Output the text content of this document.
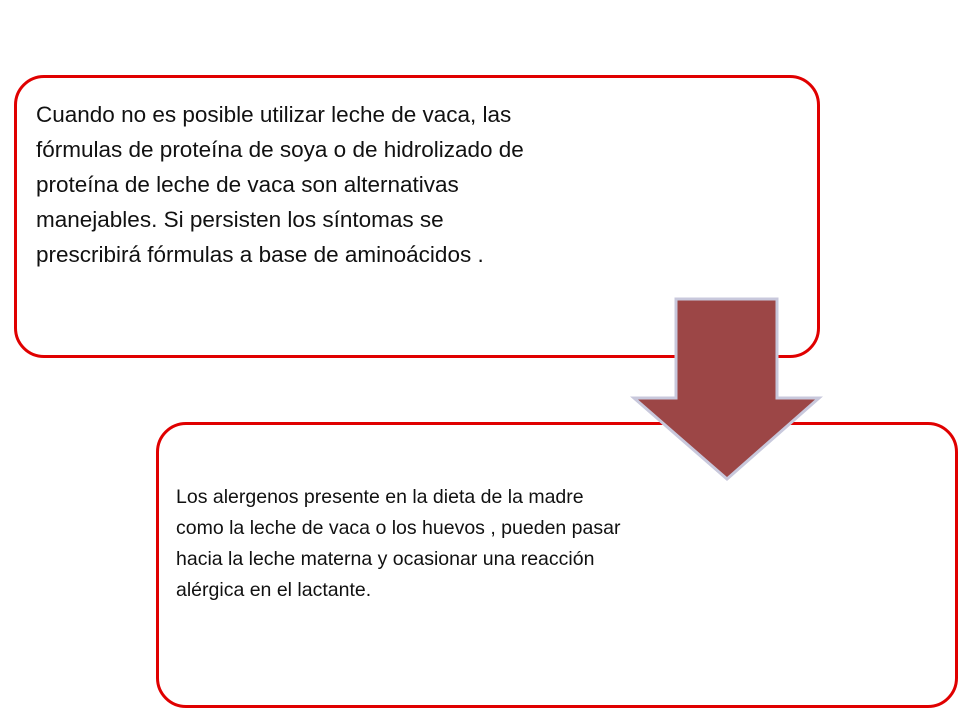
Cuando no es posible utilizar leche de vaca, las fórmulas de proteína de soya o de hidrolizado de proteína de leche de vaca son alternativas manejables. Si persisten los síntomas se prescribirá fórmulas a base de aminoácidos .

Los alergenos presente en la dieta de la madre como la leche de vaca o los huevos , pueden pasar hacia la leche materna y ocasionar una reacción alérgica en el lactante.
